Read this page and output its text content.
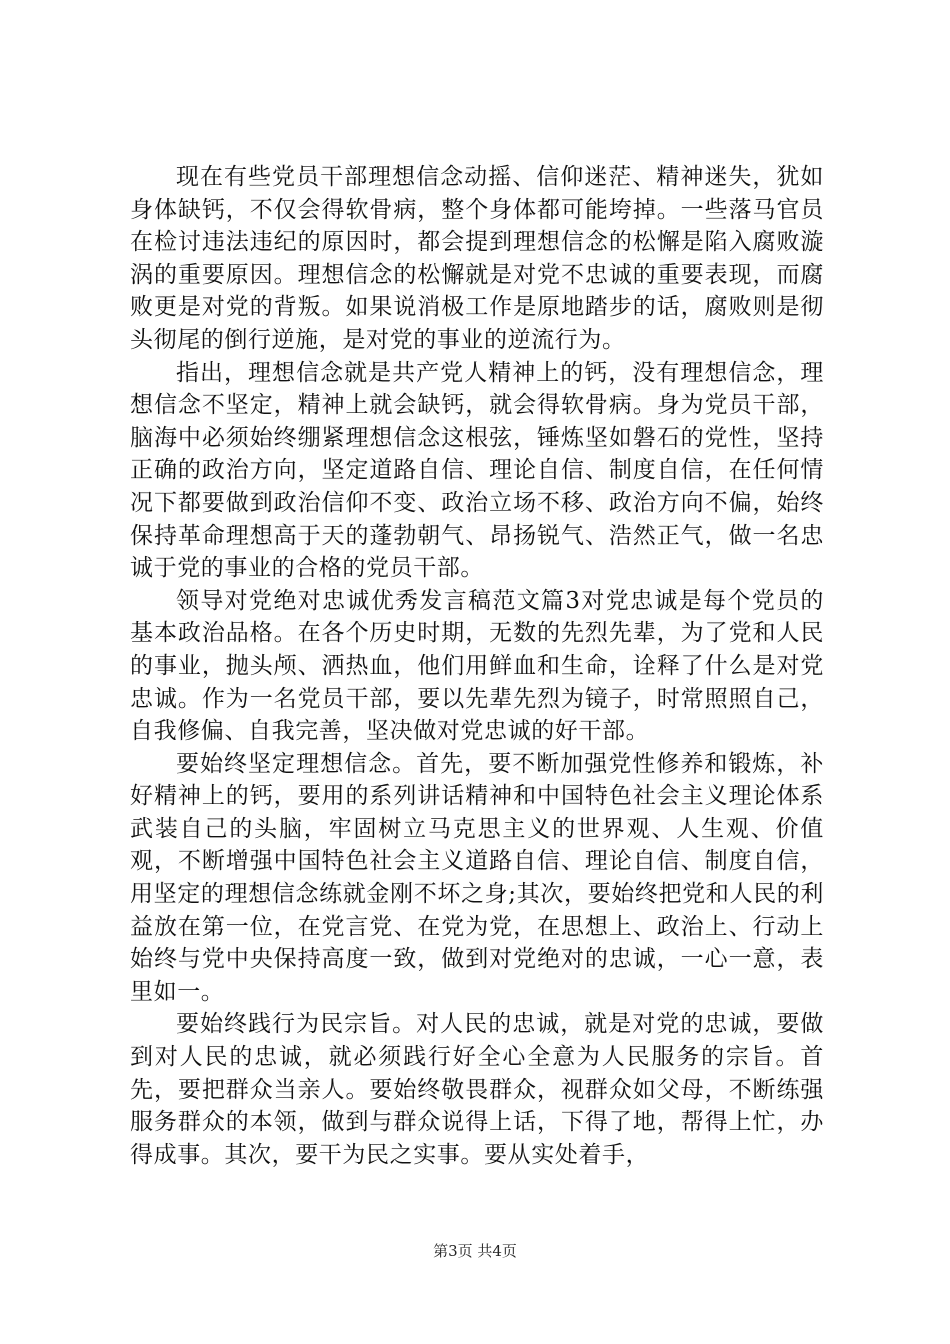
现在有些党员干部理想信念动摇、信仰迷茫、精神迷失，犹如身体缺钙，不仅会得软骨病，整个身体都可能垮掉。一些落马官员在检讨违法违纪的原因时，都会提到理想信念的松懈是陷入腐败漩涡的重要原因。理想信念的松懈就是对党不忠诚的重要表现，而腐败更是对党的背叛。如果说消极工作是原地踏步的话，腐败则是彻头彻尾的倒行逆施，是对党的事业的逆流行为。

指出，理想信念就是共产党人精神上的钙，没有理想信念，理想信念不坚定，精神上就会缺钙，就会得软骨病。身为党员干部，脑海中必须始终绷紧理想信念这根弦，锤炼坚如磐石的党性，坚持正确的政治方向，坚定道路自信、理论自信、制度自信，在任何情况下都要做到政治信仰不变、政治立场不移、政治方向不偏，始终保持革命理想高于天的蓬勃朝气、昂扬锐气、浩然正气，做一名忠诚于党的事业的合格的党员干部。

领导对党绝对忠诚优秀发言稿范文篇3对党忠诚是每个党员的基本政治品格。在各个历史时期，无数的先烈先辈，为了党和人民的事业，抛头颅、洒热血，他们用鲜血和生命，诠释了什么是对党忠诚。作为一名党员干部，要以先辈先烈为镜子，时常照照自己，自我修偏、自我完善，坚决做对党忠诚的好干部。

要始终坚定理想信念。首先，要不断加强党性修养和锻炼，补好精神上的钙，要用的系列讲话精神和中国特色社会主义理论体系武装自己的头脑，牢固树立马克思主义的世界观、人生观、价值观，不断增强中国特色社会主义道路自信、理论自信、制度自信，用坚定的理想信念练就金刚不坏之身;其次，要始终把党和人民的利益放在第一位，在党言党、在党为党，在思想上、政治上、行动上始终与党中央保持高度一致，做到对党绝对的忠诚，一心一意，表里如一。

要始终践行为民宗旨。对人民的忠诚，就是对党的忠诚，要做到对人民的忠诚，就必须践行好全心全意为人民服务的宗旨。首先，要把群众当亲人。要始终敬畏群众，视群众如父母，不断练强服务群众的本领，做到与群众说得上话，下得了地，帮得上忙，办得成事。其次，要干为民之实事。要从实处着手，

第3页 共4页
